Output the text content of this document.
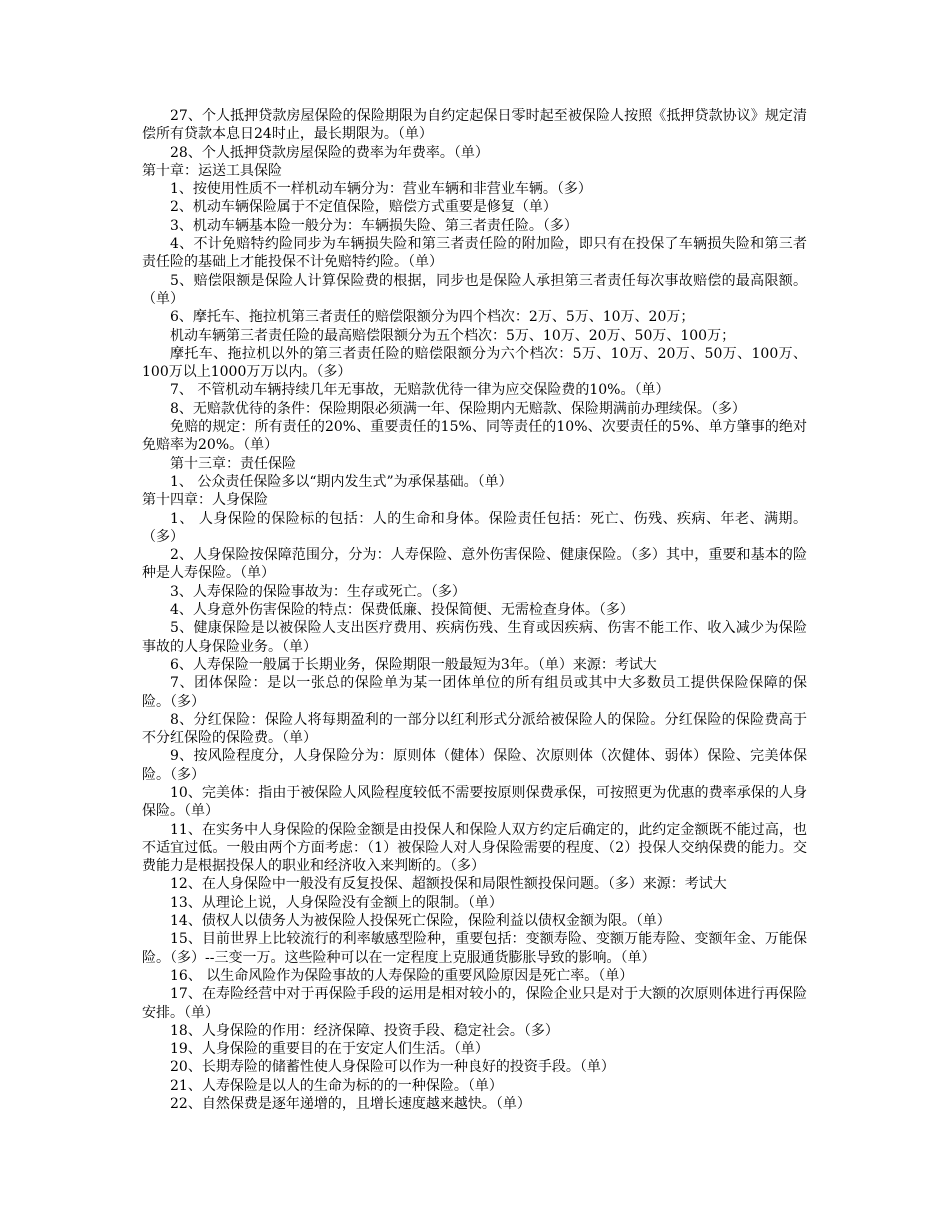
27、个人抵押贷款房屋保险的保险期限为自约定起保日零时起至被保险人按照《抵押贷款协议》规定清偿所有贷款本息日24时止，最长期限为。（单）

28、个人抵押贷款房屋保险的费率为年费率。（单）

第十章：运送工具保险

1、按使用性质不一样机动车辆分为：营业车辆和非营业车辆。（多）

2、机动车辆保险属于不定值保险，赔偿方式重要是修复（单）

3、机动车辆基本险一般分为：车辆损失险、第三者责任险。（多）

4、不计免赔特约险同步为车辆损失险和第三者责任险的附加险，即只有在投保了车辆损失险和第三者责任险的基础上才能投保不计免赔特约险。（单）

5、赔偿限额是保险人计算保险费的根据，同步也是保险人承担第三者责任每次事故赔偿的最高限额。（单）

6、摩托车、拖拉机第三者责任的赔偿限额分为四个档次：2万、5万、10万、20万；

机动车辆第三者责任险的最高赔偿限额分为五个档次：5万、10万、20万、50万、100万；

摩托车、拖拉机以外的第三者责任险的赔偿限额分为六个档次：5万、10万、20万、50万、100万、100万以上1000万万以内。（多）

7、 不管机动车辆持续几年无事故，无赔款优待一律为应交保险费的10%。（单）

8、无赔款优待的条件：保险期限必须满一年、保险期内无赔款、保险期满前办理续保。（多）

免赔的规定：所有责任的20%、重要责任的15%、同等责任的10%、次要责任的5%、单方肇事的绝对免赔率为20%。（单）

第十三章：责任保险

1、 公众责任保险多以“期内发生式”为承保基础。（单）

第十四章：人身保险

1、 人身保险的保险标的包括：人的生命和身体。保险责任包括：死亡、伤残、疾病、年老、满期。（多）

2、人身保险按保障范围分，分为：人寿保险、意外伤害保险、健康保险。（多）其中，重要和基本的险种是人寿保险。（单）

3、人寿保险的保险事故为：生存或死亡。（多）

4、人身意外伤害保险的特点：保费低廉、投保简便、无需检查身体。（多）

5、健康保险是以被保险人支出医疗费用、疾病伤残、生育或因疾病、伤害不能工作、收入减少为保险事故的人身保险业务。（单）

6、人寿保险一般属于长期业务，保险期限一般最短为3年。（单）来源：考试大

7、团体保险：是以一张总的保险单为某一团体单位的所有组员或其中大多数员工提供保险保障的保险。（多）

8、分红保险：保险人将每期盈利的一部分以红利形式分派给被保险人的保险。分红保险的保险费高于不分红保险的保险费。（单）

9、按风险程度分，人身保险分为：原则体（健体）保险、次原则体（次健体、弱体）保险、完美体保险。（多）

10、完美体：指由于被保险人风险程度较低不需要按原则保费承保，可按照更为优惠的费率承保的人身保险。（单）

11、在实务中人身保险的保险金额是由投保人和保险人双方约定后确定的，此约定金额既不能过高，也不适宜过低。一般由两个方面考虑：（1）被保险人对人身保险需要的程度、（2）投保人交纳保费的能力。交费能力是根据投保人的职业和经济收入来判断的。（多）

12、在人身保险中一般没有反复投保、超额投保和局限性额投保问题。（多）来源：考试大

13、从理论上说，人身保险没有金额上的限制。（单）

14、债权人以债务人为被保险人投保死亡保险，保险利益以债权金额为限。（单）

15、目前世界上比较流行的利率敏感型险种，重要包括：变额寿险、变额万能寿险、变额年金、万能保险。（多）--三变一万。这些险种可以在一定程度上克服通货膨胀导致的影响。（单）

16、 以生命风险作为保险事故的人寿保险的重要风险原因是死亡率。（单）

17、在寿险经营中对于再保险手段的运用是相对较小的，保险企业只是对于大额的次原则体进行再保险安排。（单）

18、人身保险的作用：经济保障、投资手段、稳定社会。（多）

19、人身保险的重要目的在于安定人们生活。（单）

20、长期寿险的储蓄性使人身保险可以作为一种良好的投资手段。（单）

21、人寿保险是以人的生命为标的的一种保险。（单）

22、自然保费是逐年递增的，且增长速度越来越快。（单）
